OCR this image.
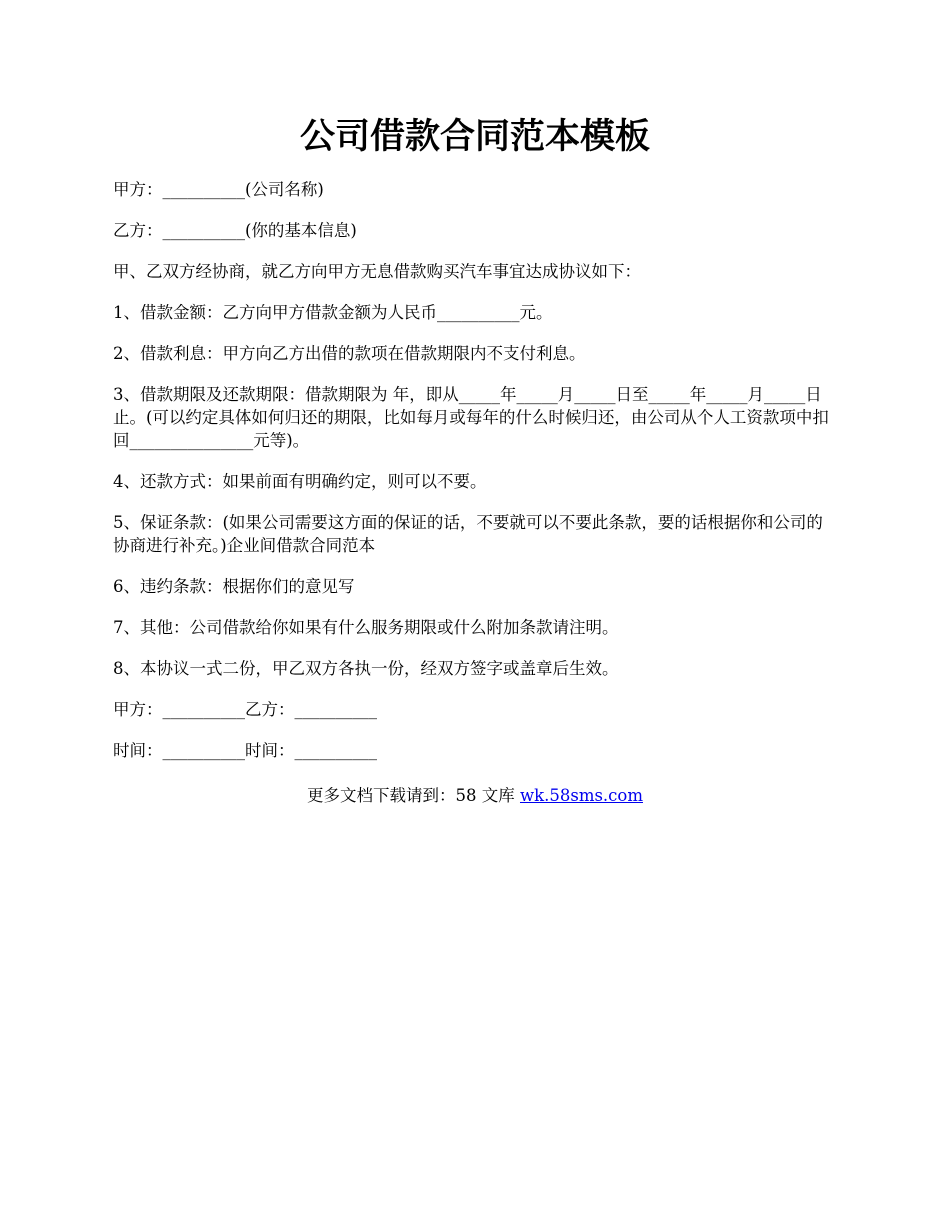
公司借款合同范本模板

甲方：__________(公司名称)

乙方：__________(你的基本信息)

甲、乙双方经协商，就乙方向甲方无息借款购买汽车事宜达成协议如下：

1、借款金额：乙方向甲方借款金额为人民币__________元。

2、借款利息：甲方向乙方出借的款项在借款期限内不支付利息。

3、借款期限及还款期限：借款期限为 年，即从_____年_____月_____日至_____年_____月_____日止。(可以约定具体如何归还的期限，比如每月或每年的什么时候归还，由公司从个人工资款项中扣回_______________元等)。

4、还款方式：如果前面有明确约定，则可以不要。

5、保证条款：(如果公司需要这方面的保证的话，不要就可以不要此条款，要的话根据你和公司的协商进行补充。)企业间借款合同范本

6、违约条款：根据你们的意见写

7、其他：公司借款给你如果有什么服务期限或什么附加条款请注明。

8、本协议一式二份，甲乙双方各执一份，经双方签字或盖章后生效。

甲方：__________乙方：__________

时间：__________时间：__________

更多文档下载请到：58 文库 wk.58sms.com
